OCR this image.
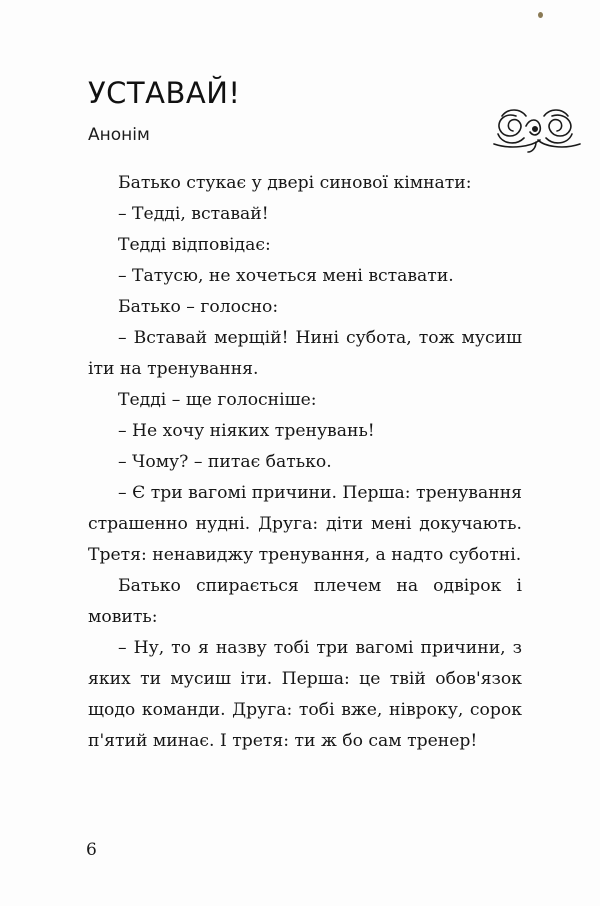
УСТАВАЙ!
Анонім

Батько стукає у двері синової кімнати:

– Тедді, вставай!

Тедді відповідає:

– Татусю, не хочеться мені вставати.

Батько – голосно:

– Вставай мерщій! Нині субота, тож мусиш іти на тренування.

Тедді – ще голосніше:

– Не хочу ніяких тренувань!

– Чому? – питає батько.

– Є три вагомі причини. Перша: тренування страшенно нудні. Друга: діти мені докучають. Третя: ненавиджу тренування, а надто суботні.

Батько спирається плечем на одвірок і мовить:

– Ну, то я назву тобі три вагомі причини, з яких ти мусиш іти. Перша: це твій обов'язок щодо команди. Друга: тобі вже, нівроку, сорок п'ятий минає. І третя: ти ж бо сам тренер!

6
